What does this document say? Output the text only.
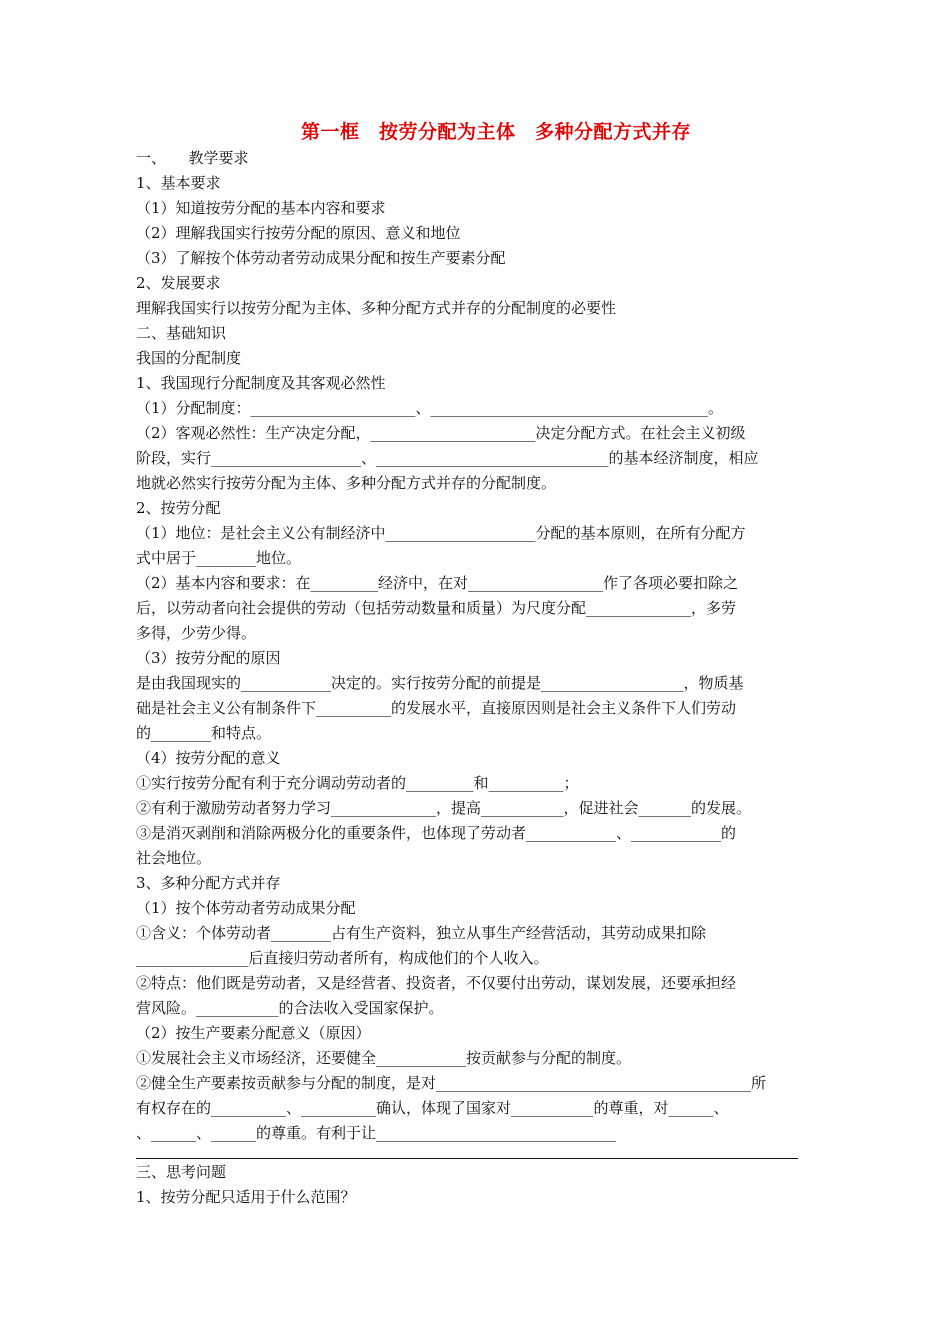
第一框　按劳分配为主体　多种分配方式并存
一、　　教学要求
1、基本要求
（1）知道按劳分配的基本内容和要求
（2）理解我国实行按劳分配的原因、意义和地位
（3）了解按个体劳动者劳动成果分配和按生产要素分配
2、发展要求
理解我国实行以按劳分配为主体、多种分配方式并存的分配制度的必要性
二、基础知识
我国的分配制度
1、我国现行分配制度及其客观必然性
（1）分配制度：______________________、_____________________________________。
（2）客观必然性：生产决定分配，______________________决定分配方式。在社会主义初级
阶段，实行____________________、_______________________________的基本经济制度，相应
地就必然实行按劳分配为主体、多种分配方式并存的分配制度。
2、按劳分配
（1）地位：是社会主义公有制经济中____________________分配的基本原则，在所有分配方
式中居于________地位。
（2）基本内容和要求：在_________经济中，在对__________________作了各项必要扣除之
后，以劳动者向社会提供的劳动（包括劳动数量和质量）为尺度分配______________，多劳
多得，少劳少得。
（3）按劳分配的原因
是由我国现实的____________决定的。实行按劳分配的前提是___________________，物质基
础是社会主义公有制条件下__________的发展水平，直接原因则是社会主义条件下人们劳动
的________和特点。
（4）按劳分配的意义
①实行按劳分配有利于充分调动劳动者的_________和__________；
②有利于激励劳动者努力学习______________，提高___________，促进社会_______的发展。
③是消灭剥削和消除两极分化的重要条件，也体现了劳动者____________、____________的
社会地位。
3、多种分配方式并存
（1）按个体劳动者劳动成果分配
①含义：个体劳动者________占有生产资料，独立从事生产经营活动，其劳动成果扣除
_______________后直接归劳动者所有，构成他们的个人收入。
②特点：他们既是劳动者，又是经营者、投资者，不仅要付出劳动，谋划发展，还要承担经
营风险。___________的合法收入受国家保护。
（2）按生产要素分配意义（原因）
①发展社会主义市场经济，还要健全____________按贡献参与分配的制度。
②健全生产要素按贡献参与分配的制度，是对__________________________________________所
有权存在的__________、__________确认，体现了国家对___________的尊重，对______、
、______、______的尊重。有利于让________________________________
三、思考问题
1、按劳分配只适用于什么范围？
